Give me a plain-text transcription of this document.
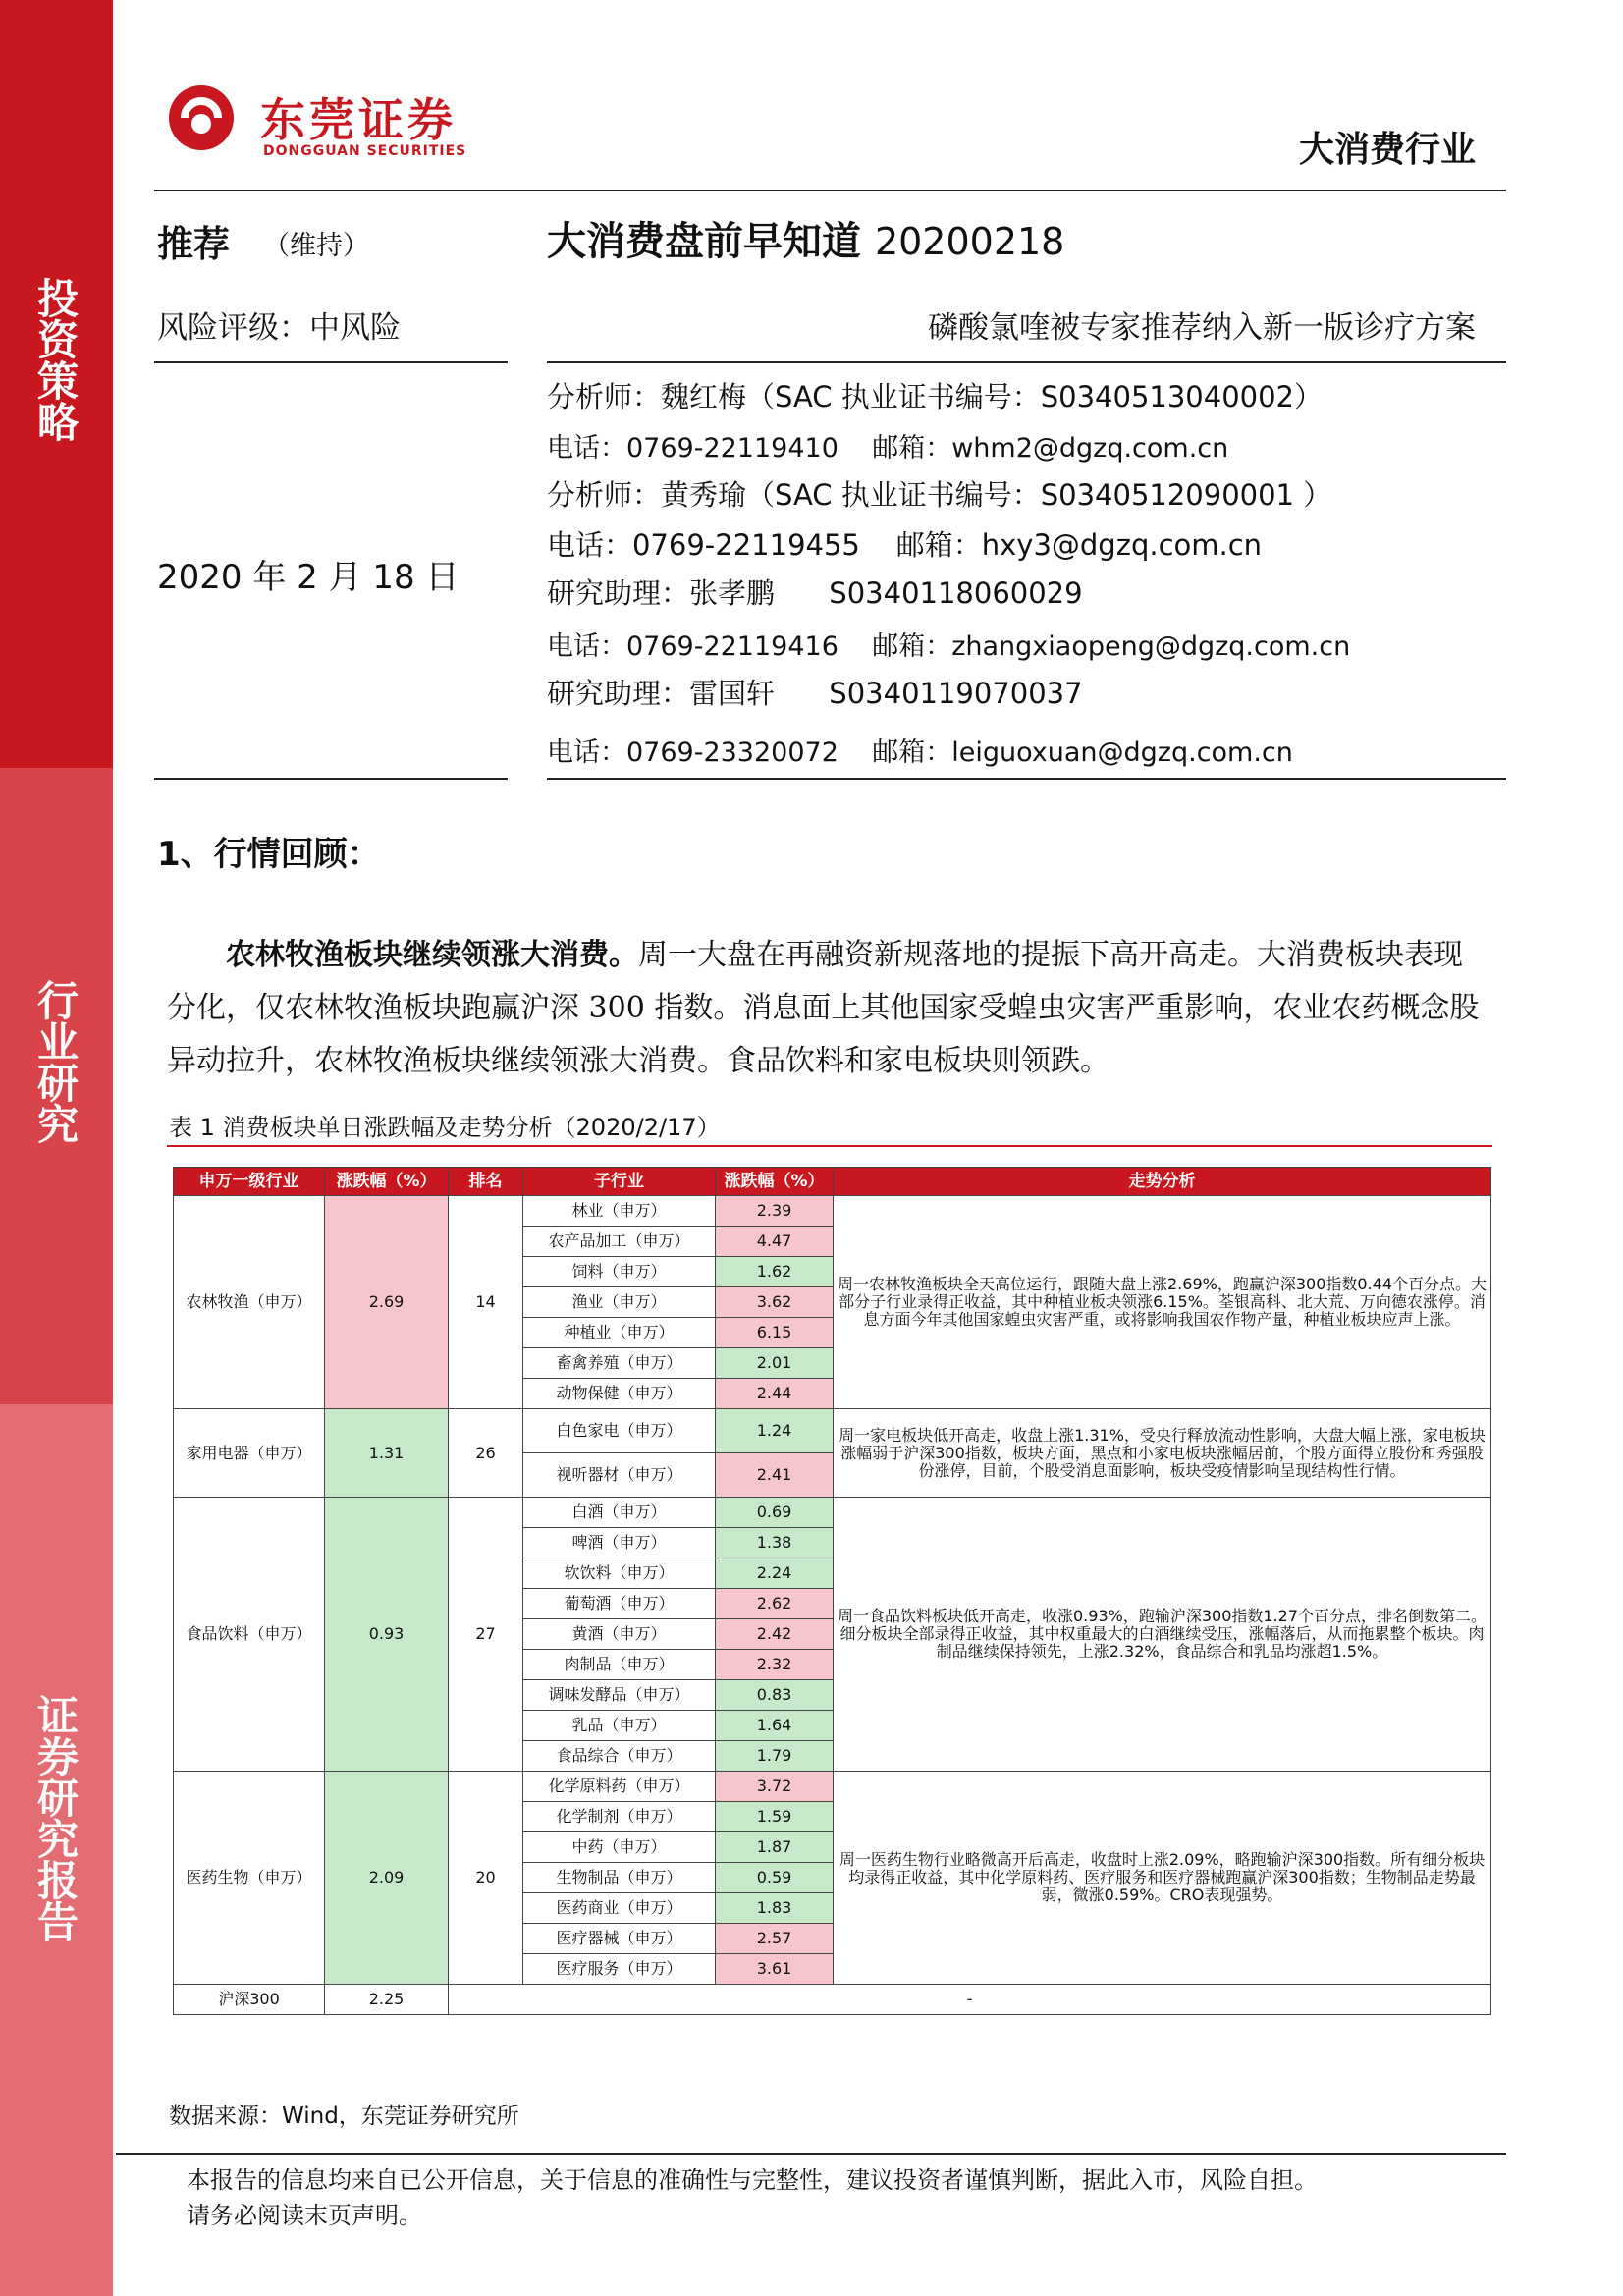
投资策略
行业研究
证券研究报告
东莞证券
DONGGUAN SECURITIES	大消费行业
推荐 （维持）	大消费盘前早知道 20200218
风险评级：中风险	磷酸氯喹被专家推荐纳入新一版诊疗方案
2020 年 2 月 18 日
分析师：魏红梅（SAC 执业证书编号：S0340513040002）
电话：0769-22119410    邮箱：whm2@dgzq.com.cn
分析师：黄秀瑜（SAC 执业证书编号：S0340512090001 ）
电话：0769-22119455    邮箱：hxy3@dgzq.com.cn
研究助理：张孝鹏      S0340118060029
电话：0769-22119416    邮箱：zhangxiaopeng@dgzq.com.cn
研究助理：雷国轩      S0340119070037
电话：0769-23320072    邮箱：leiguoxuan@dgzq.com.cn
1、行情回顾：
农林牧渔板块继续领涨大消费。周一大盘在再融资新规落地的提振下高开高走。大消费板块表现分化，仅农林牧渔板块跑赢沪深 300 指数。消息面上其他国家受蝗虫灾害严重影响，农业农药概念股异动拉升，农林牧渔板块继续领涨大消费。食品饮料和家电板块则领跌。
表 1 消费板块单日涨跌幅及走势分析（2020/2/17）
申万一级行业	涨跌幅（%）	排名	子行业	涨跌幅（%）	走势分析
农林牧渔（申万）	2.69	14	林业（申万）	2.39	周一农林牧渔板块全天高位运行，跟随大盘上涨2.69%，跑赢沪深300指数0.44个百分点。大部分子行业录得正收益，其中种植业板块领涨6.15%。荃银高科、北大荒、万向德农涨停。消息方面今年其他国家蝗虫灾害严重，或将影响我国农作物产量，种植业板块应声上涨。
			农产品加工（申万）	4.47	
			饲料（申万）	1.62	
			渔业（申万）	3.62	
			种植业（申万）	6.15	
			畜禽养殖（申万）	2.01	
			动物保健（申万）	2.44	
家用电器（申万）	1.31	26	白色家电（申万）	1.24	周一家电板块低开高走，收盘上涨1.31%，受央行释放流动性影响，大盘大幅上涨，家电板块涨幅弱于沪深300指数，板块方面，黑点和小家电板块涨幅居前，个股方面得立股份和秀强股份涨停，目前，个股受消息面影响，板块受疫情影响呈现结构性行情。
			视听器材（申万）	2.41	
食品饮料（申万）	0.93	27	白酒（申万）	0.69	周一食品饮料板块低开高走，收涨0.93%，跑输沪深300指数1.27个百分点，排名倒数第二。细分板块全部录得正收益，其中权重最大的白酒继续受压，涨幅落后，从而拖累整个板块。肉制品继续保持领先，上涨2.32%，食品综合和乳品均涨超1.5%。
			啤酒（申万）	1.38	
			软饮料（申万）	2.24	
			葡萄酒（申万）	2.62	
			黄酒（申万）	2.42	
			肉制品（申万）	2.32	
			调味发酵品（申万）	0.83	
			乳品（申万）	1.64	
			食品综合（申万）	1.79	
医药生物（申万）	2.09	20	化学原料药（申万）	3.72	周一医药生物行业略微高开后高走，收盘时上涨2.09%，略跑输沪深300指数。所有细分板块均录得正收益，其中化学原料药、医疗服务和医疗器械跑赢沪深300指数；生物制品走势最弱，微涨0.59%。CRO表现强势。
			化学制剂（申万）	1.59	
			中药（申万）	1.87	
			生物制品（申万）	0.59	
			医药商业（申万）	1.83	
			医疗器械（申万）	2.57	
			医疗服务（申万）	3.61	
沪深300	2.25	-			
数据来源：Wind，东莞证券研究所
本报告的信息均来自已公开信息，关于信息的准确性与完整性，建议投资者谨慎判断，据此入市，风险自担。
请务必阅读末页声明。
